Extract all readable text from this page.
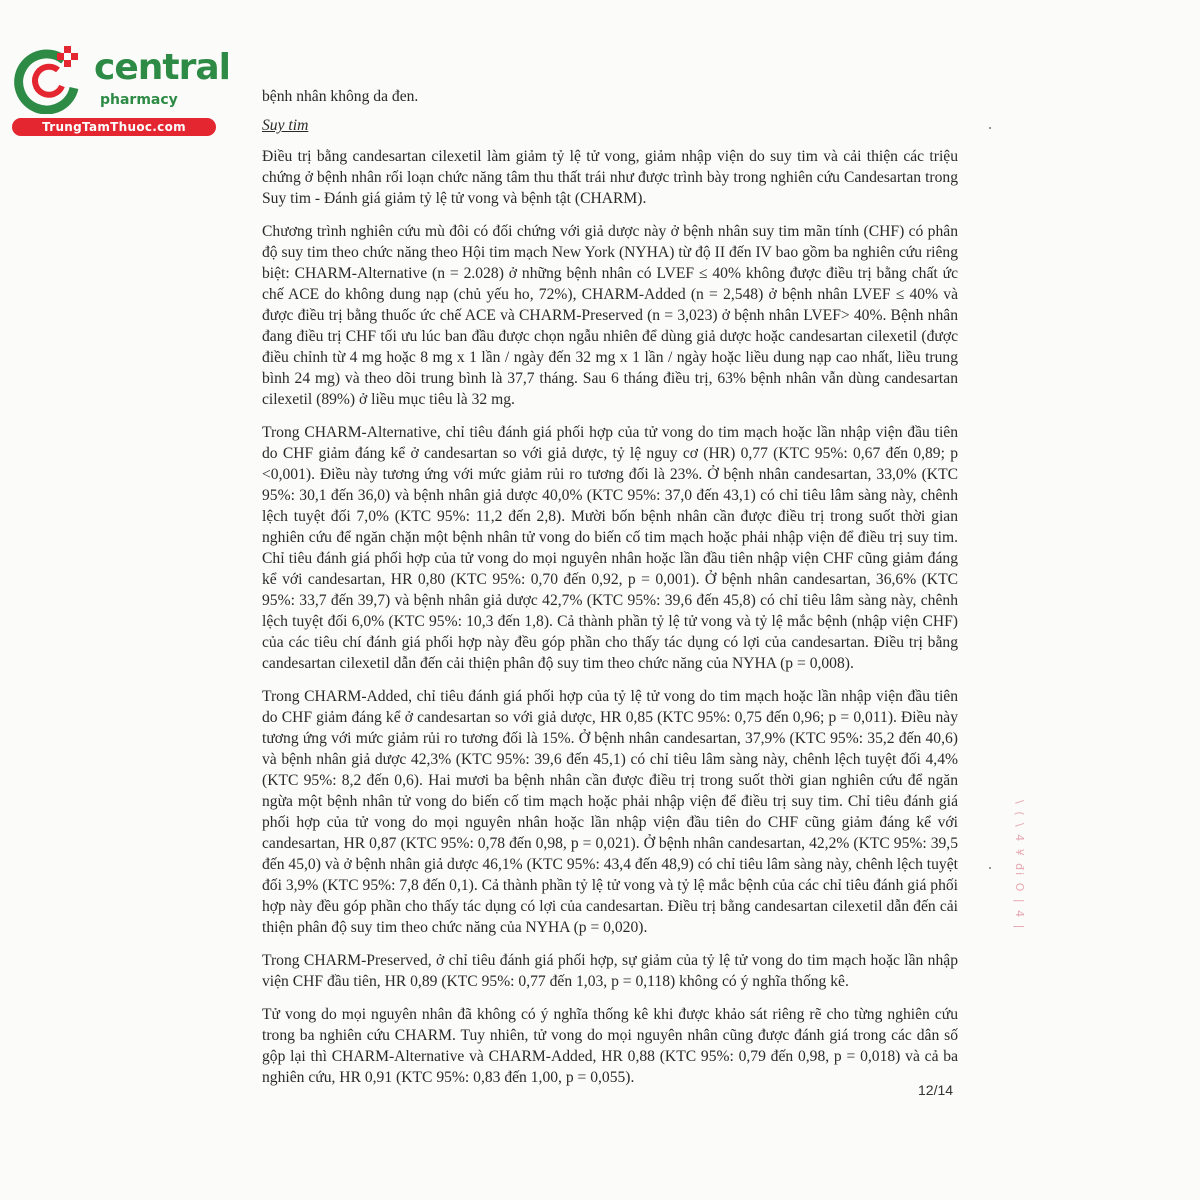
central
pharmacy
TrungTamThuoc.com

bệnh nhân không da đen.

Suy tim

Điều trị bằng candesartan cilexetil làm giảm tỷ lệ tử vong, giảm nhập viện do suy tim và cải thiện các triệu chứng ở bệnh nhân rối loạn chức năng tâm thu thất trái như được trình bày trong nghiên cứu Candesartan trong Suy tim - Đánh giá giảm tỷ lệ tử vong và bệnh tật (CHARM).

Chương trình nghiên cứu mù đôi có đối chứng với giả dược này ở bệnh nhân suy tim mãn tính (CHF) có phân độ suy tim theo chức năng theo Hội tim mạch New York (NYHA) từ độ II đến IV bao gồm ba nghiên cứu riêng biệt: CHARM-Alternative (n = 2.028) ở những bệnh nhân có LVEF ≤ 40% không được điều trị bằng chất ức chế ACE do không dung nạp (chủ yếu ho, 72%), CHARM-Added (n = 2,548) ở bệnh nhân LVEF ≤ 40% và được điều trị bằng thuốc ức chế ACE và CHARM-Preserved (n = 3,023) ở bệnh nhân LVEF> 40%. Bệnh nhân đang điều trị CHF tối ưu lúc ban đầu được chọn ngẫu nhiên để dùng giả dược hoặc candesartan cilexetil (được điều chỉnh từ 4 mg hoặc 8 mg x 1 lần / ngày đến 32 mg x 1 lần / ngày hoặc liều dung nạp cao nhất, liều trung bình 24 mg) và theo dõi trung bình là 37,7 tháng. Sau 6 tháng điều trị, 63% bệnh nhân vẫn dùng candesartan cilexetil (89%) ở liều mục tiêu là 32 mg.

Trong CHARM-Alternative, chỉ tiêu đánh giá phối hợp của tử vong do tim mạch hoặc lần nhập viện đầu tiên do CHF giảm đáng kể ở candesartan so với giả dược, tỷ lệ nguy cơ (HR) 0,77 (KTC 95%: 0,67 đến 0,89; p <0,001). Điều này tương ứng với mức giảm rủi ro tương đối là 23%. Ở bệnh nhân candesartan, 33,0% (KTC 95%: 30,1 đến 36,0) và bệnh nhân giả dược 40,0% (KTC 95%: 37,0 đến 43,1) có chỉ tiêu lâm sàng này, chênh lệch tuyệt đối 7,0% (KTC 95%: 11,2 đến 2,8). Mười bốn bệnh nhân cần được điều trị trong suốt thời gian nghiên cứu để ngăn chặn một bệnh nhân tử vong do biến cố tim mạch hoặc phải nhập viện để điều trị suy tim. Chỉ tiêu đánh giá phối hợp của tử vong do mọi nguyên nhân hoặc lần đầu tiên nhập viện CHF cũng giảm đáng kể với candesartan, HR 0,80 (KTC 95%: 0,70 đến 0,92, p = 0,001). Ở bệnh nhân candesartan, 36,6% (KTC 95%: 33,7 đến 39,7) và bệnh nhân giả dược 42,7% (KTC 95%: 39,6 đến 45,8) có chỉ tiêu lâm sàng này, chênh lệch tuyệt đối 6,0% (KTC 95%: 10,3 đến 1,8). Cả thành phần tỷ lệ tử vong và tỷ lệ mắc bệnh (nhập viện CHF) của các tiêu chí đánh giá phối hợp này đều góp phần cho thấy tác dụng có lợi của candesartan. Điều trị bằng candesartan cilexetil dẫn đến cải thiện phân độ suy tim theo chức năng của NYHA (p = 0,008).

Trong CHARM-Added, chỉ tiêu đánh giá phối hợp của tỷ lệ tử vong do tim mạch hoặc lần nhập viện đầu tiên do CHF giảm đáng kể ở candesartan so với giả dược, HR 0,85 (KTC 95%: 0,75 đến 0,96; p = 0,011). Điều này tương ứng với mức giảm rủi ro tương đối là 15%. Ở bệnh nhân candesartan, 37,9% (KTC 95%: 35,2 đến 40,6) và bệnh nhân giả dược 42,3% (KTC 95%: 39,6 đến 45,1) có chỉ tiêu lâm sàng này, chênh lệch tuyệt đối 4,4% (KTC 95%: 8,2 đến 0,6). Hai mươi ba bệnh nhân cần được điều trị trong suốt thời gian nghiên cứu để ngăn ngừa một bệnh nhân tử vong do biến cố tim mạch hoặc phải nhập viện để điều trị suy tim. Chỉ tiêu đánh giá phối hợp của tử vong do mọi nguyên nhân hoặc lần nhập viện đầu tiên do CHF cũng giảm đáng kể với candesartan, HR 0,87 (KTC 95%: 0,78 đến 0,98, p = 0,021). Ở bệnh nhân candesartan, 42,2% (KTC 95%: 39,5 đến 45,0) và ở bệnh nhân giả dược 46,1% (KTC 95%: 43,4 đến 48,9) có chỉ tiêu lâm sàng này, chênh lệch tuyệt đối 3,9% (KTC 95%: 7,8 đến 0,1). Cả thành phần tỷ lệ tử vong và tỷ lệ mắc bệnh của các chỉ tiêu đánh giá phối hợp này đều góp phần cho thấy tác dụng có lợi của candesartan. Điều trị bằng candesartan cilexetil dẫn đến cải thiện phân độ suy tim theo chức năng của NYHA (p = 0,020).

Trong CHARM-Preserved, ở chỉ tiêu đánh giá phối hợp, sự giảm của tỷ lệ tử vong do tim mạch hoặc lần nhập viện CHF đầu tiên, HR 0,89 (KTC 95%: 0,77 đến 1,03, p = 0,118) không có ý nghĩa thống kê.

Tử vong do mọi nguyên nhân đã không có ý nghĩa thống kê khi được khảo sát riêng rẽ cho từng nghiên cứu trong ba nghiên cứu CHARM. Tuy nhiên, tử vong do mọi nguyên nhân cũng được đánh giá trong các dân số gộp lại thì CHARM-Alternative và CHARM-Added, HR 0,88 (KTC 95%: 0,79 đến 0,98, p = 0,018) và cả ba nghiên cứu, HR 0,91 (KTC 95%: 0,83 đến 1,00, p = 0,055).

12/14
\ ( \ 4 ¥ đi O | 4 |
